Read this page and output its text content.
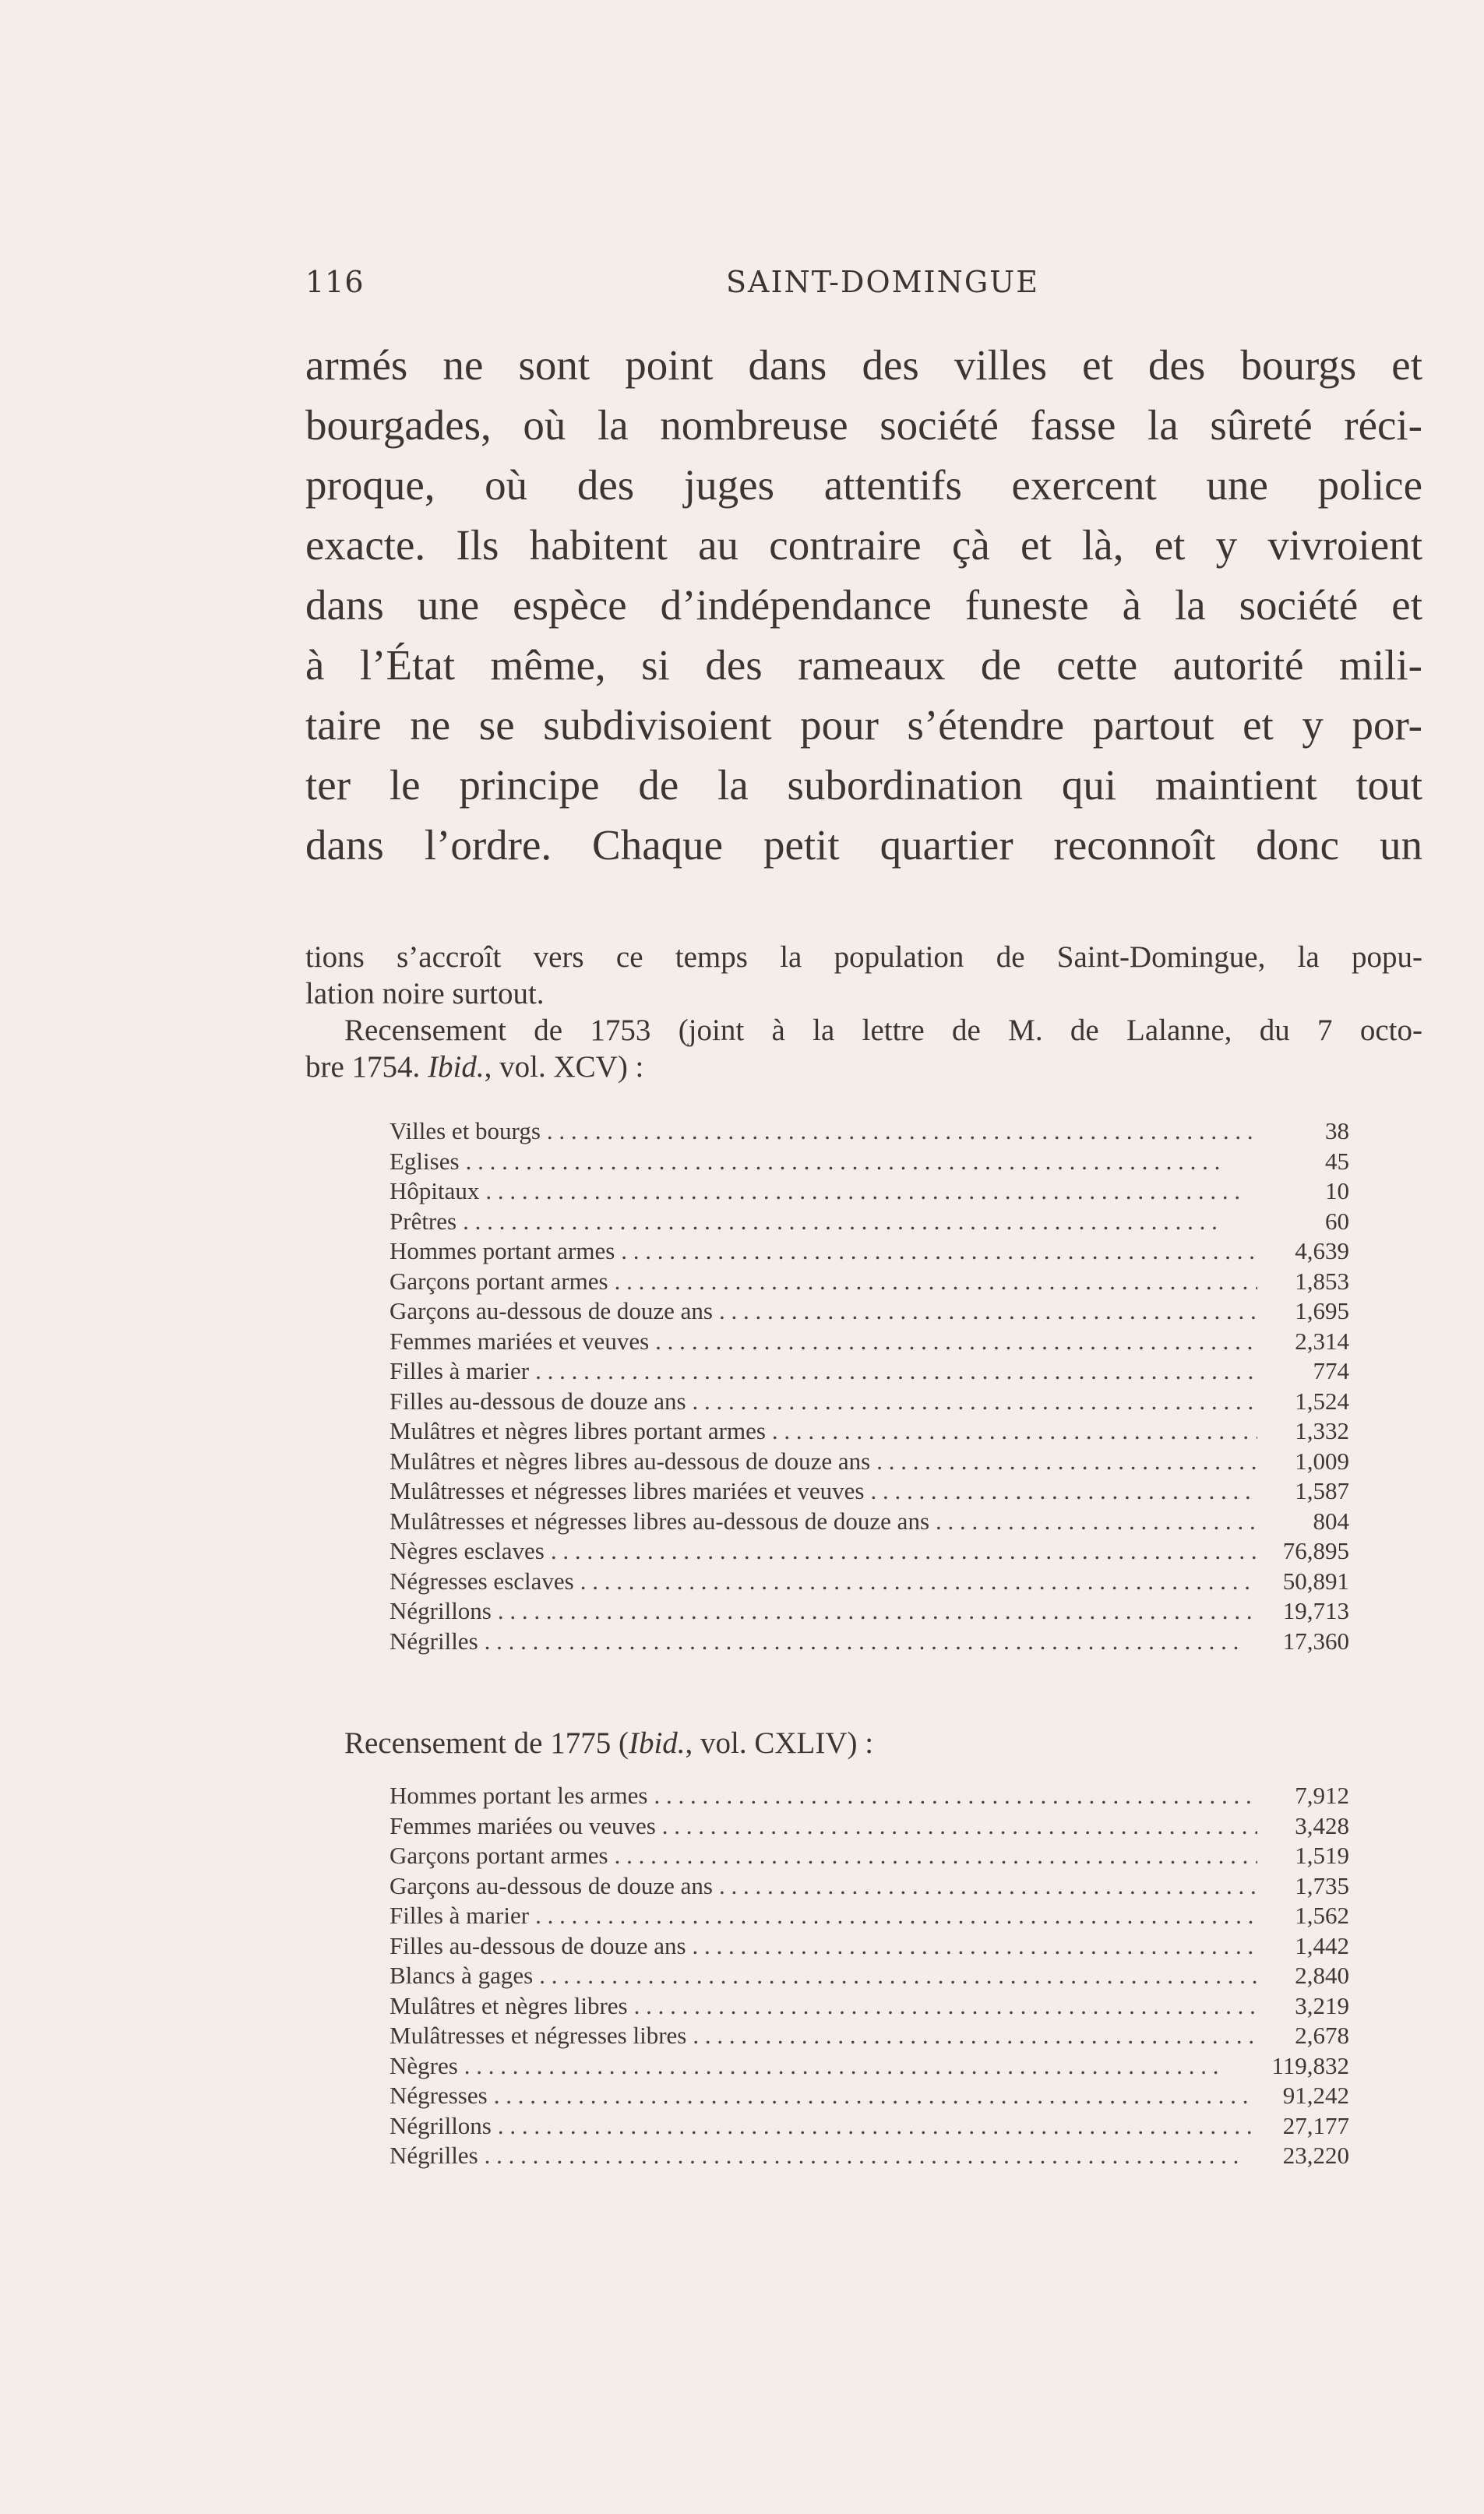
116	SAINT-DOMINGUE
armés ne sont point dans des villes et des bourgs et
bourgades, où la nombreuse société fasse la sûreté réci-
proque, où des juges attentifs exercent une police
exacte. Ils habitent au contraire çà et là, et y vivroient
dans une espèce d’indépendance funeste à la société et
à l’État même, si des rameaux de cette autorité mili-
taire ne se subdivisoient pour s’étendre partout et y por-
ter le principe de la subordination qui maintient tout
dans l’ordre. Chaque petit quartier reconnoît donc un
tions s’accroît vers ce temps la population de Saint-Domingue, la popu-
lation noire surtout.
Recensement de 1753 (joint à la lettre de M. de Lalanne, du 7 octo-
bre 1754. Ibid., vol. XCV) :
Villes et bourgs . . .	38
Eglises . . .	45
Hôpitaux . . .	10
Prêtres . . .	60
Hommes portant armes . . .	4,639
Garçons portant armes . . .	1,853
Garçons au-dessous de douze ans . . .	1,695
Femmes mariées et veuves . . .	2,314
Filles à marier . . .	774
Filles au-dessous de douze ans . . .	1,524
Mulâtres et nègres libres portant armes . . .	1,332
Mulâtres et nègres libres au-dessous de douze ans . . .	1,009
Mulâtresses et négresses libres mariées et veuves . . .	1,587
Mulâtresses et négresses libres au-dessous de douze ans . . .	804
Nègres esclaves . . .	76,895
Négresses esclaves . . .	50,891
Négrillons . . .	19,713
Négrilles . . .	17,360
Recensement de 1775 (Ibid., vol. CXLIV) :
Hommes portant les armes . . .	7,912
Femmes mariées ou veuves . . .	3,428
Garçons portant armes . . .	1,519
Garçons au-dessous de douze ans . . .	1,735
Filles à marier . . .	1,562
Filles au-dessous de douze ans . . .	1,442
Blancs à gages . . .	2,840
Mulâtres et nègres libres . . .	3,219
Mulâtresses et négresses libres . . .	2,678
Nègres . . .	119,832
Négresses . . .	91,242
Négrillons . . .	27,177
Négrilles . . .	23,220
